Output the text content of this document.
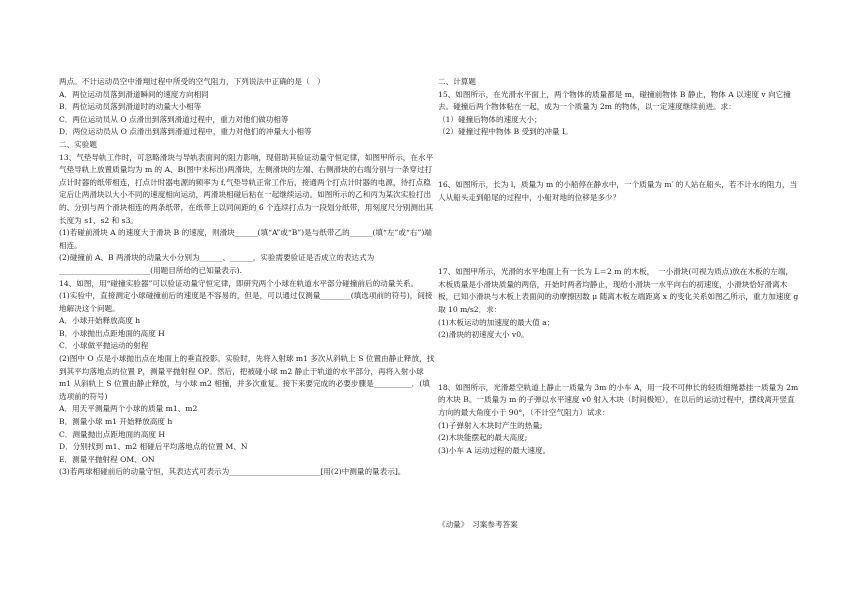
两点。不计运动员空中滑翔过程中所受的空气阻力，下列说法中正确的是（　）

A．两位运动员落到滑道瞬间的速度方向相同

B．两位运动员落到滑道时的动量大小相等

C．两位运动员从 O 点滑出到落到滑道过程中，重力对他们做功相等

D．两位运动员从 O 点滑出到落到滑道过程中，重力对他们的冲量大小相等

二、实验题

13、气垫导轨工作时，可忽略滑块与导轨表面间的阻力影响，现借助其验证动量守恒定律，如图甲所示，在水平气垫导轨上放置质量均为 m 的 A、B(图中未标出)两滑块，左侧滑块的左端、右侧滑块的右端分别与一条穿过打点计时器的纸带相连，打点计时器电源的频率为 f,气垫导轨正常工作后，接通两个打点计时器的电源，待打点稳定后让两滑块以大小不同的速度相向运动，两滑块相碰后粘在一起继续运动。如图所示的乙和丙为某次实验打出的、分别与两个滑块相连的两条纸带，在纸带上以同间距的 6 个连续打点为一段划分纸带，用刻度尺分别测出其长度为 s1、s2 和 s3。

(1)若碰前滑块 A 的速度大于滑块 B 的速度，则滑块______(填“A”或“B”)是与纸带乙的______(填“左”或“右”)端相连。

(2)碰撞前 A、B 两滑块的动量大小分别为______、______，实验需要验证是否成立的表达式为________________________(用题目所给的已知量表示).

14、如图，用“碰撞实验器”可以验证动量守恒定律，即研究两个小球在轨道水平部分碰撞前后的动量关系。

(1)实验中，直接测定小球碰撞前后的速度是不容易的，但是，可以通过仅测量________(填选项前的符号)，间接地解决这个问题。

A．小球开始释放高度 h

B．小球抛出点距地面的高度 H

C．小球做平抛运动的射程

(2)图中 O 点是小球抛出点在地面上的垂直投影。实验时，先将入射球 m1 多次从斜轨上 S 位置由静止释放，找到其平均落地点的位置 P，测量平抛射程 OP。然后，把被碰小球 m2 静止于轨道的水平部分，再将入射小球 m1 从斜轨上 S 位置由静止释放，与小球 m2 相撞，并多次重复。接下来要完成的必要步骤是__________．(填选项前的符号)

A．用天平测量两个小球的质量 m1、m2

B．测量小球 m1 开始释放高度 h

C．测量抛出点距地面的高度 H

D．分别找到 m1、m2 相碰后平均落地点的位置 M、N

E．测量平抛射程 OM、ON

(3)若两球相碰前后的动量守恒，其表达式可表示为________________________[用(2)中测量的量表示]。

二、计算题

15、如图所示，在光滑水平面上，两个物体的质量都是 m，碰撞前物体 B 静止，物体 A 以速度 v 向它撞去。碰撞后两个物体粘在一起，成为一个质量为 2m 的物体，以一定速度继续前进。求：

（1）碰撞后物体的速度大小；

（2）碰撞过程中物体 B 受到的冲量 I。

16、如图所示，长为 l，质量为 m 的小船停在静水中，一个质量为 m′ 的人站在船头，若不计水的阻力，当人从船头走到船尾的过程中，小船对地的位移是多少？

17、如图甲所示，光滑的水平地面上有一长为 L＝2 m 的木板，　一小滑块(可视为质点)放在木板的左端，木板质量是小滑块质量的两倍，开始时两者均静止，现给小滑块一水平向右的初速度，小滑块恰好滑离木板，已知小滑块与木板上表面间的动摩擦因数 μ 随离木板左端距离 x 的变化关系如图乙所示，重力加速度 g 取 10 m/s2．求：

(1)木板运动的加速度的最大值 a；

(2)滑块的初速度大小 v0。

18、如图所示，光滑悬空轨道上静止一质量为 3m 的小车 A，用一段不可伸长的轻质细绳悬挂一质量为 2m 的木块 B。一质量为 m 的子弹以水平速度 v0 射入木块（时间极短），在以后的运动过程中，摆线离开竖直方向的最大角度小于 90°，（不计空气阻力）试求：

(1)子弹射入木块时产生的热量;

(2)木块能摆起的最大高度;

(3)小车 A 运动过程的最大速度。

《动量》　习案参考答案
